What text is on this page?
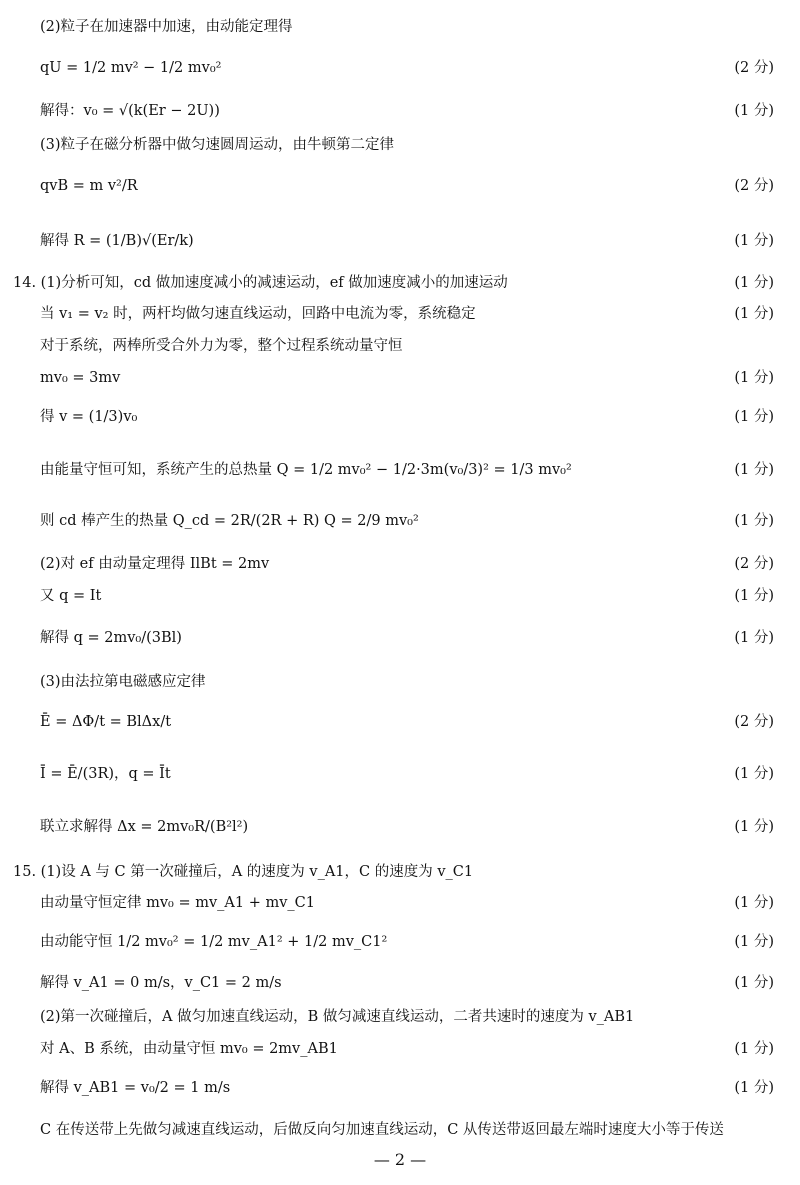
(2)粒子在加速器中加速，由动能定理得
qU = 1/2 mv² − 1/2 mv₀²	(2 分)
解得：v₀ = √(k(Er − 2U))	(1 分)
(3)粒子在磁分析器中做匀速圆周运动，由牛顿第二定律
qvB = m v²/R	(2 分)
解得 R = (1/B)√(Er/k)	(1 分)
14. (1)分析可知，cd 做加速度减小的减速运动，ef 做加速度减小的加速运动	(1 分)
当 v₁ = v₂ 时，两杆均做匀速直线运动，回路中电流为零，系统稳定	(1 分)
对于系统，两棒所受合外力为零，整个过程系统动量守恒
mv₀ = 3mv	(1 分)
得 v = (1/3)v₀	(1 分)
由能量守恒可知，系统产生的总热量 Q = 1/2 mv₀² − 1/2·3m(v₀/3)² = 1/3 mv₀²	(1 分)
则 cd 棒产生的热量 Q_cd = 2R/(2R + R) Q = 2/9 mv₀²	(1 分)
(2)对 ef 由动量定理得 IlBt = 2mv	(2 分)
又 q = It	(1 分)
解得 q = 2mv₀/(3Bl)	(1 分)
(3)由法拉第电磁感应定律
Ē = ΔΦ/t = BlΔx/t	(2 分)
Ī = Ē/(3R)，q = Īt	(1 分)
联立求解得 Δx = 2mv₀R/(B²l²)	(1 分)
15. (1)设 A 与 C 第一次碰撞后，A 的速度为 v_A1，C 的速度为 v_C1
由动量守恒定律 mv₀ = mv_A1 + mv_C1	(1 分)
由动能守恒 1/2 mv₀² = 1/2 mv_A1² + 1/2 mv_C1²	(1 分)
解得 v_A1 = 0 m/s，v_C1 = 2 m/s	(1 分)
(2)第一次碰撞后，A 做匀加速直线运动，B 做匀减速直线运动，二者共速时的速度为 v_AB1
对 A、B 系统，由动量守恒 mv₀ = 2mv_AB1	(1 分)
解得 v_AB1 = v₀/2 = 1 m/s	(1 分)
C 在传送带上先做匀减速直线运动，后做反向匀加速直线运动，C 从传送带返回最左端时速度大小等于传送
— 2 —
